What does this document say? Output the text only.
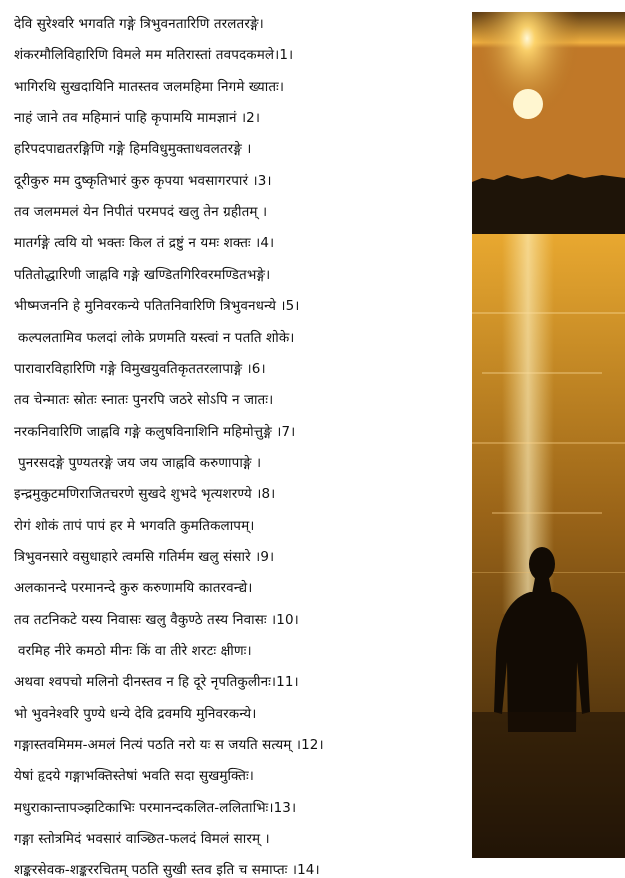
देवि सुरेश्वरि भगवति गङ्गे त्रिभुवनतारिणि तरलतरङ्गे।
शंकरमौलिविहारिणि विमले मम मतिरास्तां तवपदकमले।1।
भागिरथि सुखदायिनि मातस्तव जलमहिमा निगमे ख्यातः।
नाहं जाने तव महिमानं पाहि कृपामयि मामज्ञानं ।2।
हरिपदपाद्यतरङ्गिणि गङ्गे हिमविधुमुक्ताधवलतरङ्गे ।
दूरीकुरु मम दुष्कृतिभारं कुरु कृपया भवसागरपारं ।3।
तव जलममलं येन निपीतं परमपदं खलु तेन ग्रहीतम् ।
मातर्गङ्गे त्वयि यो भक्तः किल तं द्रष्टुं न यमः शक्तः ।4।
पतितोद्धारिणी जाह्नवि गङ्गे खण्डितगिरिवरमण्डितभङ्गे।
भीष्मजननि हे मुनिवरकन्ये पतितनिवारिणि त्रिभुवनधन्ये ।5।
कल्पलतामिव फलदां लोके प्रणमति यस्त्वां न पतति शोके।
पारावारविहारिणि गङ्गे विमुखयुवतिकृततरलापाङ्गे ।6।
तव चेन्मातः स्रोतः स्नातः पुनरपि जठरे सोऽपि न जातः।
नरकनिवारिणि जाह्नवि गङ्गे कलुषविनाशिनि महिमोत्तुङ्गे ।7।
पुनरसदङ्गे पुण्यतरङ्गे जय जय जाह्नवि करुणापाङ्गे ।
इन्द्रमुकुटमणिराजितचरणे सुखदे शुभदे भृत्यशरण्ये ।8।
रोगं शोकं तापं पापं हर मे भगवति कुमतिकलापम्।
त्रिभुवनसारे वसुधाहारे त्वमसि गतिर्मम खलु संसारे ।9।
अलकानन्दे परमानन्दे कुरु करुणामयि कातरवन्द्ये।
तव तटनिकटे यस्य निवासः खलु वैकुण्ठे तस्य निवासः ।10।
वरमिह नीरे कमठो मीनः किं वा तीरे शरटः क्षीणः।
अथवा श्वपचो मलिनो दीनस्तव न हि दूरे नृपतिकुलीनः।11।
भो भुवनेश्वरि पुण्ये धन्ये देवि द्रवमयि मुनिवरकन्ये।
गङ्गास्तवमिमम-अमलं नित्यं पठति नरो यः स जयति सत्यम् ।12।
येषां हृदये गङ्गाभक्तिस्तेषां भवति सदा सुखमुक्तिः।
मधुराकान्तापञ्झटिकाभिः परमानन्दकलित-ललिताभिः।13।
गङ्गा स्तोत्रमिदं भवसारं वाञ्छित-फलदं विमलं सारम् ।
शङ्करसेवक-शङ्कररचितम् पठति सुखी स्तव इति च समाप्तः ।14।
